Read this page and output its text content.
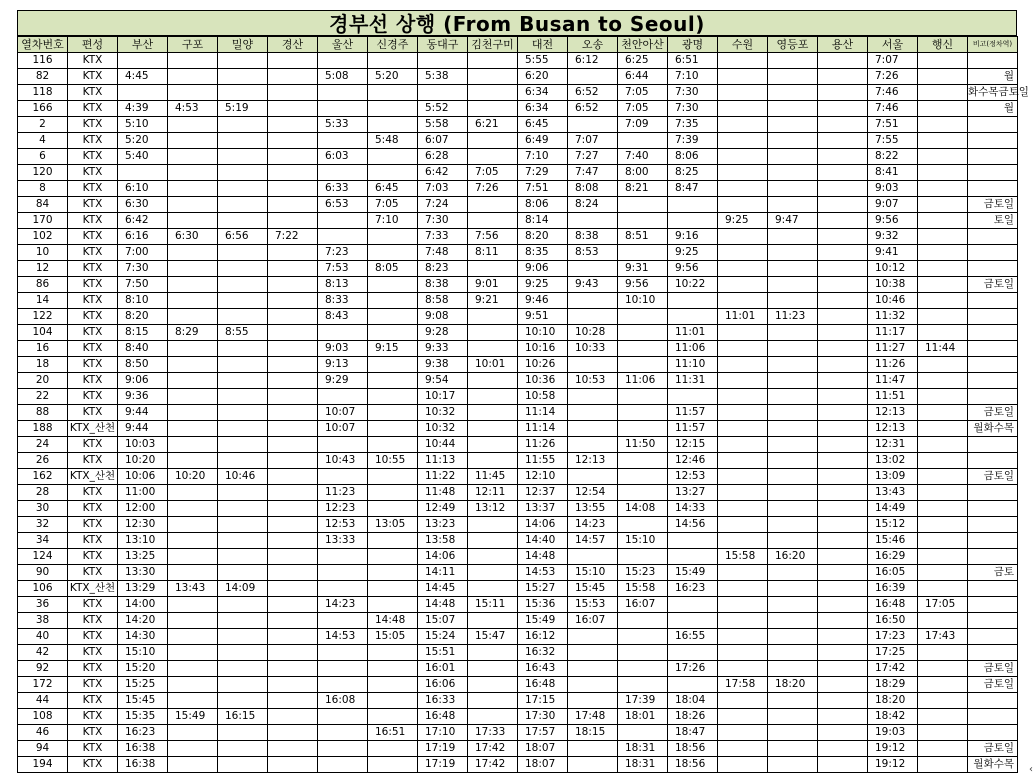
경부선 상행 (From Busan to Seoul)
열차번호	편성	부산	구포	밀양	경산	울산	신경주	동대구	김천구미	대전	오송	천안아산	광명	수원	영등포	용산	서울	행신	비고(정차역)
116	KTX									5:55	6:12	6:25	6:51				7:07		
82	KTX	4:45				5:08	5:20	5:38		6:20		6:44	7:10				7:26		월
118	KTX									6:34	6:52	7:05	7:30				7:46		화수목금토일
166	KTX	4:39	4:53	5:19				5:52		6:34	6:52	7:05	7:30				7:46		월
2	KTX	5:10				5:33		5:58	6:21	6:45		7:09	7:35				7:51		
4	KTX	5:20					5:48	6:07		6:49	7:07		7:39				7:55		
6	KTX	5:40				6:03		6:28		7:10	7:27	7:40	8:06				8:22		
120	KTX							6:42	7:05	7:29	7:47	8:00	8:25				8:41		
8	KTX	6:10				6:33	6:45	7:03	7:26	7:51	8:08	8:21	8:47				9:03		
84	KTX	6:30				6:53	7:05	7:24		8:06	8:24						9:07		금토일
170	KTX	6:42					7:10	7:30		8:14				9:25	9:47		9:56		토일
102	KTX	6:16	6:30	6:56	7:22			7:33	7:56	8:20	8:38	8:51	9:16				9:32		
10	KTX	7:00				7:23		7:48	8:11	8:35	8:53		9:25				9:41		
12	KTX	7:30				7:53	8:05	8:23		9:06		9:31	9:56				10:12		
86	KTX	7:50				8:13		8:38	9:01	9:25	9:43	9:56	10:22				10:38		금토일
14	KTX	8:10				8:33		8:58	9:21	9:46		10:10					10:46		
122	KTX	8:20				8:43		9:08		9:51				11:01	11:23		11:32		
104	KTX	8:15	8:29	8:55				9:28		10:10	10:28		11:01				11:17		
16	KTX	8:40				9:03	9:15	9:33		10:16	10:33		11:06				11:27	11:44	
18	KTX	8:50				9:13		9:38	10:01	10:26			11:10				11:26		
20	KTX	9:06				9:29		9:54		10:36	10:53	11:06	11:31				11:47		
22	KTX	9:36						10:17		10:58							11:51		
88	KTX	9:44				10:07		10:32		11:14			11:57				12:13		금토일
188	KTX_산천	9:44				10:07		10:32		11:14			11:57				12:13		월화수목
24	KTX	10:03						10:44		11:26		11:50	12:15				12:31		
26	KTX	10:20				10:43	10:55	11:13		11:55	12:13		12:46				13:02		
162	KTX_산천	10:06	10:20	10:46				11:22	11:45	12:10			12:53				13:09		금토일
28	KTX	11:00				11:23		11:48	12:11	12:37	12:54		13:27				13:43		
30	KTX	12:00				12:23		12:49	13:12	13:37	13:55	14:08	14:33				14:49		
32	KTX	12:30				12:53	13:05	13:23		14:06	14:23		14:56				15:12		
34	KTX	13:10				13:33		13:58		14:40	14:57	15:10					15:46		
124	KTX	13:25						14:06		14:48				15:58	16:20		16:29		
90	KTX	13:30						14:11		14:53	15:10	15:23	15:49				16:05		금토
106	KTX_산천	13:29	13:43	14:09				14:45		15:27	15:45	15:58	16:23				16:39		
36	KTX	14:00				14:23		14:48	15:11	15:36	15:53	16:07					16:48	17:05	
38	KTX	14:20					14:48	15:07		15:49	16:07						16:50		
40	KTX	14:30				14:53	15:05	15:24	15:47	16:12			16:55				17:23	17:43	
42	KTX	15:10						15:51		16:32							17:25		
92	KTX	15:20						16:01		16:43			17:26				17:42		금토일
172	KTX	15:25						16:06		16:48				17:58	18:20		18:29		금토일
44	KTX	15:45				16:08		16:33		17:15		17:39	18:04				18:20		
108	KTX	15:35	15:49	16:15				16:48		17:30	17:48	18:01	18:26				18:42		
46	KTX	16:23					16:51	17:10	17:33	17:57	18:15		18:47				19:03		
94	KTX	16:38						17:19	17:42	18:07		18:31	18:56				19:12		금토일
194	KTX	16:38						17:19	17:42	18:07		18:31	18:56				19:12		월화수목 ‹
